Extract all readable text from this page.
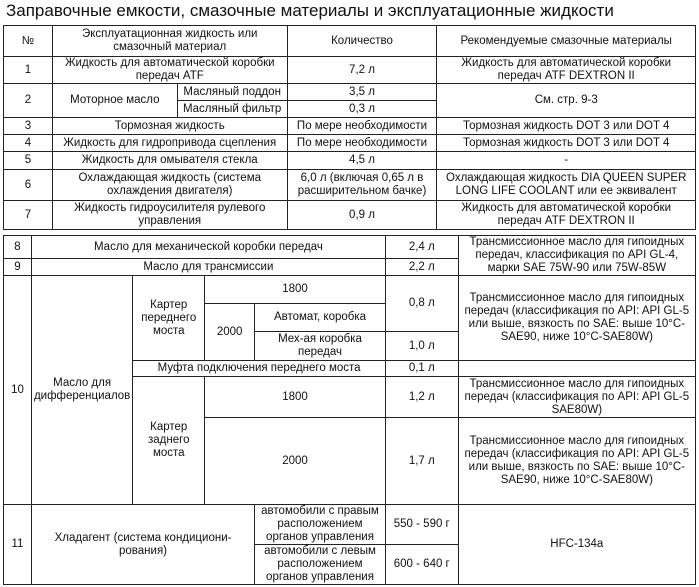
Заправочные емкости, смазочные материалы и эксплуатационные жидкости
№	Эксплуатационная жидкость или смазочный материал		Количество	Рекомендуемые смазочные материалы
1	Жидкость для автоматической коробки передач ATF		7,2 л	Жидкость для автоматической коробки передач ATF DEXTRON II
2	Моторное масло	Масляный поддон	3,5 л	См. стр. 9-3
		Масляный фильтр	0,3 л	
3	Тормозная жидкость		По мере необходимости	Тормозная жидкость DOT 3 или DOT 4
4	Жидкость для гидропривода сцепления		По мере необходимости	Тормозная жидкость DOT 3 или DOT 4
5	Жидкость для омывателя стекла		4,5 л	-
6	Охлаждающая жидкость (система охлаждения двигателя)		6,0 л (включая 0,65 л в расширительном бачке)	Охлаждающая жидкость DIA QUEEN SUPER LONG LIFE COOLANT или ее эквивалент
7	Жидкость гидроусилителя рулевого управления		0,9 л	Жидкость для автоматической коробки передач ATF DEXTRON II
8	Масло для механической коробки передач				2,4 л	Трансмиссионное масло для гипоидных передач, классификация по API GL-4, марки SAE 75W-90 или 75W-85W
9	Масло для трансмиссии				2,2 л	
10	Масло для дифференциалов	Картер переднего моста	1800		0,8 л	Трансмиссионное масло для гипоидных передач (классификация по API: API GL-5 или выше, вязкость по SAE: выше 10°С-SAE90, ниже 10°С-SAE80W)
			2000	Автомат, коробка		
				Мех-ая коробка передач	1,0 л	
		Муфта подключения переднего моста			0,1 л	
		Картер заднего моста	1800		1,2 л	Трансмиссионное масло для гипоидных передач (классификация по API: API GL-5 SAE80W)
			2000		1,7 л	Трансмиссионное масло для гипоидных передач (классификация по API: API GL-5 или выше, вязкость по SAE: выше 10°С-SAE90, ниже 10°С-SAE80W)

11	Хладагент (система кондициони-рования)			автомобили с правым расположением органов управления	550 - 590 г	HFC-134a
				автомобили с левым расположением органов управления	600 - 640 г	
